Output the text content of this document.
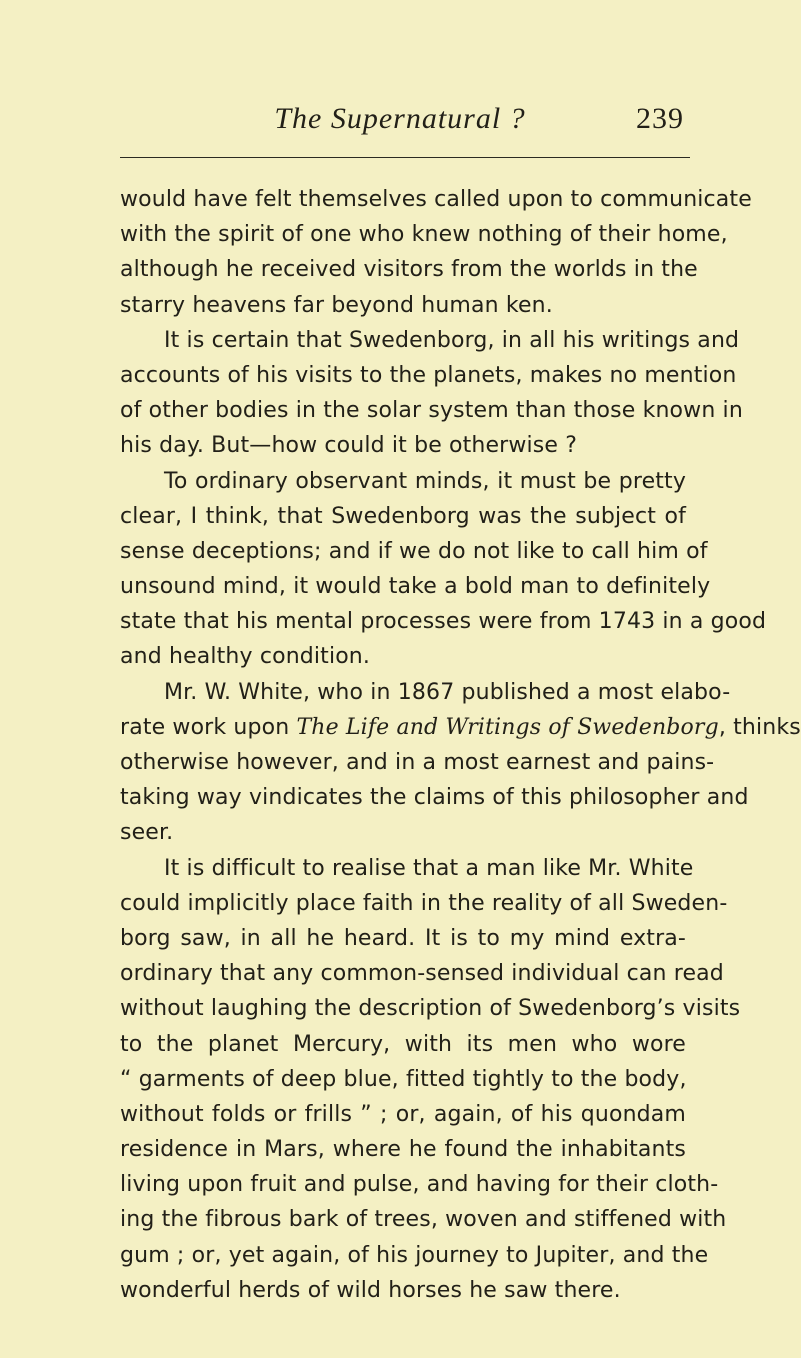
The Supernatural ?	239
would have felt themselves called upon to communicate
with the spirit of one who knew nothing of their home,
although he received visitors from the worlds in the
starry heavens far beyond human ken.
It is certain that Swedenborg, in all his writings and
accounts of his visits to the planets, makes no mention
of other bodies in the solar system than those known in
his day. But—how could it be otherwise ?
To ordinary observant minds, it must be pretty
clear, I think, that Swedenborg was the subject of
sense deceptions; and if we do not like to call him of
unsound mind, it would take a bold man to definitely
state that his mental processes were from 1743 in a good
and healthy condition.
Mr. W. White, who in 1867 published a most elabo-
rate work upon The Life and Writings of Swedenborg, thinks
otherwise however, and in a most earnest and pains-
taking way vindicates the claims of this philosopher and
seer.
It is difficult to realise that a man like Mr. White
could implicitly place faith in the reality of all Sweden-
borg saw, in all he heard. It is to my mind extra-
ordinary that any common-sensed individual can read
without laughing the description of Swedenborg’s visits
to the planet Mercury, with its men who wore
“ garments of deep blue, fitted tightly to the body,
without folds or frills ” ; or, again, of his quondam
residence in Mars, where he found the inhabitants
living upon fruit and pulse, and having for their cloth-
ing the fibrous bark of trees, woven and stiffened with
gum ; or, yet again, of his journey to Jupiter, and the
wonderful herds of wild horses he saw there.
